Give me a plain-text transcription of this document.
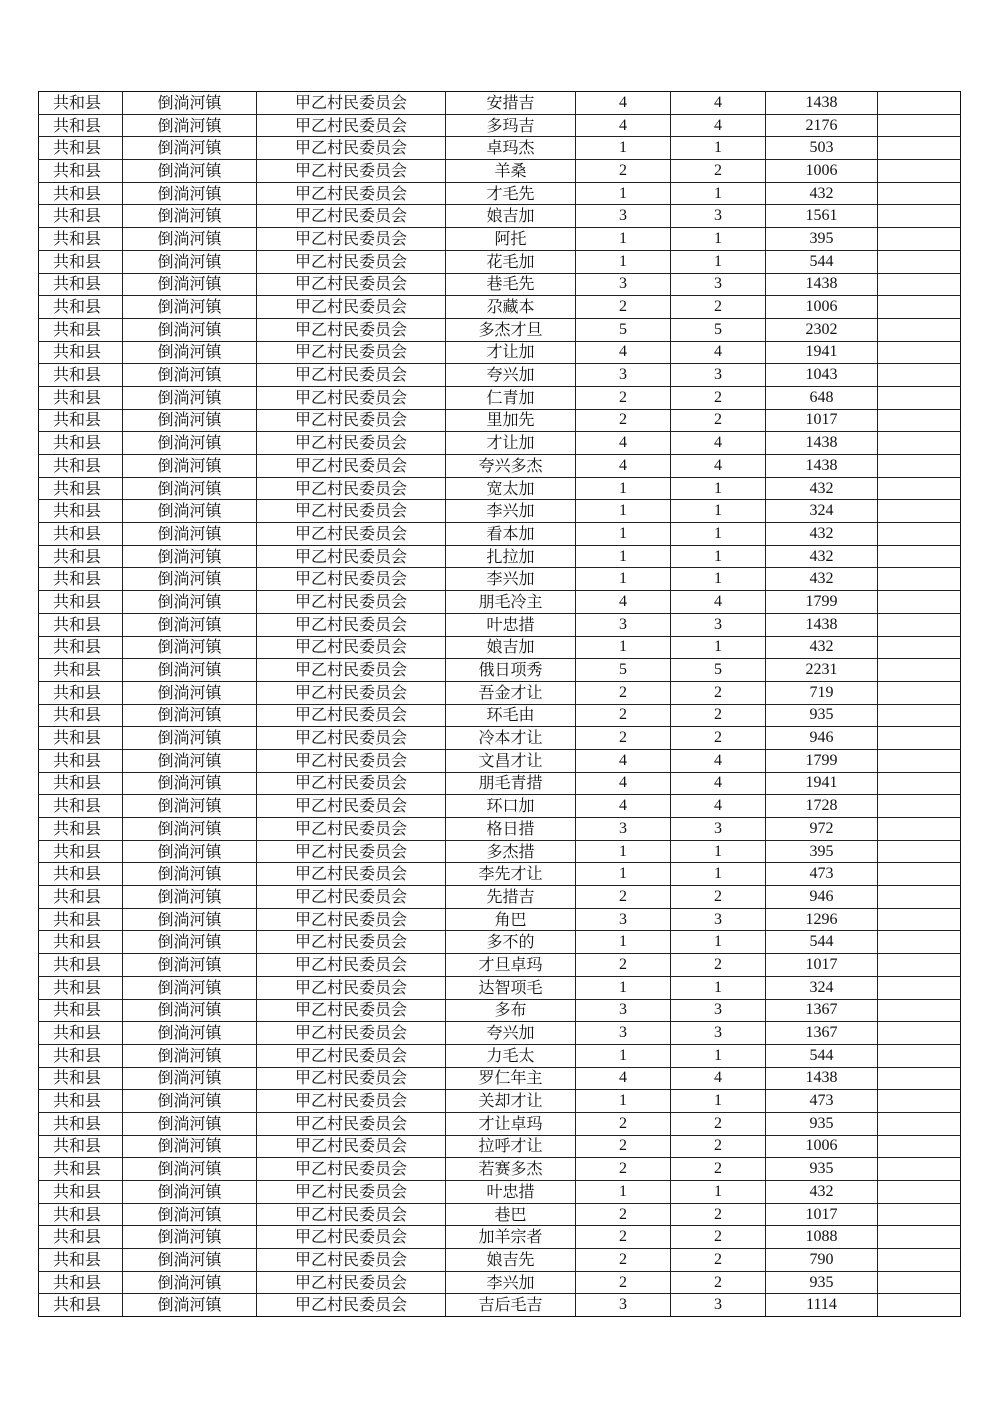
共和县	倒淌河镇	甲乙村民委员会	安措吉	4	4	1438	
共和县	倒淌河镇	甲乙村民委员会	多玛吉	4	4	2176	
共和县	倒淌河镇	甲乙村民委员会	卓玛杰	1	1	503	
共和县	倒淌河镇	甲乙村民委员会	羊桑	2	2	1006	
共和县	倒淌河镇	甲乙村民委员会	才毛先	1	1	432	
共和县	倒淌河镇	甲乙村民委员会	娘吉加	3	3	1561	
共和县	倒淌河镇	甲乙村民委员会	阿托	1	1	395	
共和县	倒淌河镇	甲乙村民委员会	花毛加	1	1	544	
共和县	倒淌河镇	甲乙村民委员会	巷毛先	3	3	1438	
共和县	倒淌河镇	甲乙村民委员会	尕藏本	2	2	1006	
共和县	倒淌河镇	甲乙村民委员会	多杰才旦	5	5	2302	
共和县	倒淌河镇	甲乙村民委员会	才让加	4	4	1941	
共和县	倒淌河镇	甲乙村民委员会	夸兴加	3	3	1043	
共和县	倒淌河镇	甲乙村民委员会	仁青加	2	2	648	
共和县	倒淌河镇	甲乙村民委员会	里加先	2	2	1017	
共和县	倒淌河镇	甲乙村民委员会	才让加	4	4	1438	
共和县	倒淌河镇	甲乙村民委员会	夸兴多杰	4	4	1438	
共和县	倒淌河镇	甲乙村民委员会	宽太加	1	1	432	
共和县	倒淌河镇	甲乙村民委员会	李兴加	1	1	324	
共和县	倒淌河镇	甲乙村民委员会	看本加	1	1	432	
共和县	倒淌河镇	甲乙村民委员会	扎拉加	1	1	432	
共和县	倒淌河镇	甲乙村民委员会	李兴加	1	1	432	
共和县	倒淌河镇	甲乙村民委员会	朋毛冷主	4	4	1799	
共和县	倒淌河镇	甲乙村民委员会	叶忠措	3	3	1438	
共和县	倒淌河镇	甲乙村民委员会	娘吉加	1	1	432	
共和县	倒淌河镇	甲乙村民委员会	俄日项秀	5	5	2231	
共和县	倒淌河镇	甲乙村民委员会	吾金才让	2	2	719	
共和县	倒淌河镇	甲乙村民委员会	环毛由	2	2	935	
共和县	倒淌河镇	甲乙村民委员会	冷本才让	2	2	946	
共和县	倒淌河镇	甲乙村民委员会	文昌才让	4	4	1799	
共和县	倒淌河镇	甲乙村民委员会	朋毛青措	4	4	1941	
共和县	倒淌河镇	甲乙村民委员会	环口加	4	4	1728	
共和县	倒淌河镇	甲乙村民委员会	格日措	3	3	972	
共和县	倒淌河镇	甲乙村民委员会	多杰措	1	1	395	
共和县	倒淌河镇	甲乙村民委员会	李先才让	1	1	473	
共和县	倒淌河镇	甲乙村民委员会	先措吉	2	2	946	
共和县	倒淌河镇	甲乙村民委员会	角巴	3	3	1296	
共和县	倒淌河镇	甲乙村民委员会	多不的	1	1	544	
共和县	倒淌河镇	甲乙村民委员会	才旦卓玛	2	2	1017	
共和县	倒淌河镇	甲乙村民委员会	达智项毛	1	1	324	
共和县	倒淌河镇	甲乙村民委员会	多布	3	3	1367	
共和县	倒淌河镇	甲乙村民委员会	夸兴加	3	3	1367	
共和县	倒淌河镇	甲乙村民委员会	力毛太	1	1	544	
共和县	倒淌河镇	甲乙村民委员会	罗仁年主	4	4	1438	
共和县	倒淌河镇	甲乙村民委员会	关却才让	1	1	473	
共和县	倒淌河镇	甲乙村民委员会	才让卓玛	2	2	935	
共和县	倒淌河镇	甲乙村民委员会	拉呼才让	2	2	1006	
共和县	倒淌河镇	甲乙村民委员会	若赛多杰	2	2	935	
共和县	倒淌河镇	甲乙村民委员会	叶忠措	1	1	432	
共和县	倒淌河镇	甲乙村民委员会	巷巴	2	2	1017	
共和县	倒淌河镇	甲乙村民委员会	加羊宗者	2	2	1088	
共和县	倒淌河镇	甲乙村民委员会	娘吉先	2	2	790	
共和县	倒淌河镇	甲乙村民委员会	李兴加	2	2	935	
共和县	倒淌河镇	甲乙村民委员会	吉后毛吉	3	3	1114	
